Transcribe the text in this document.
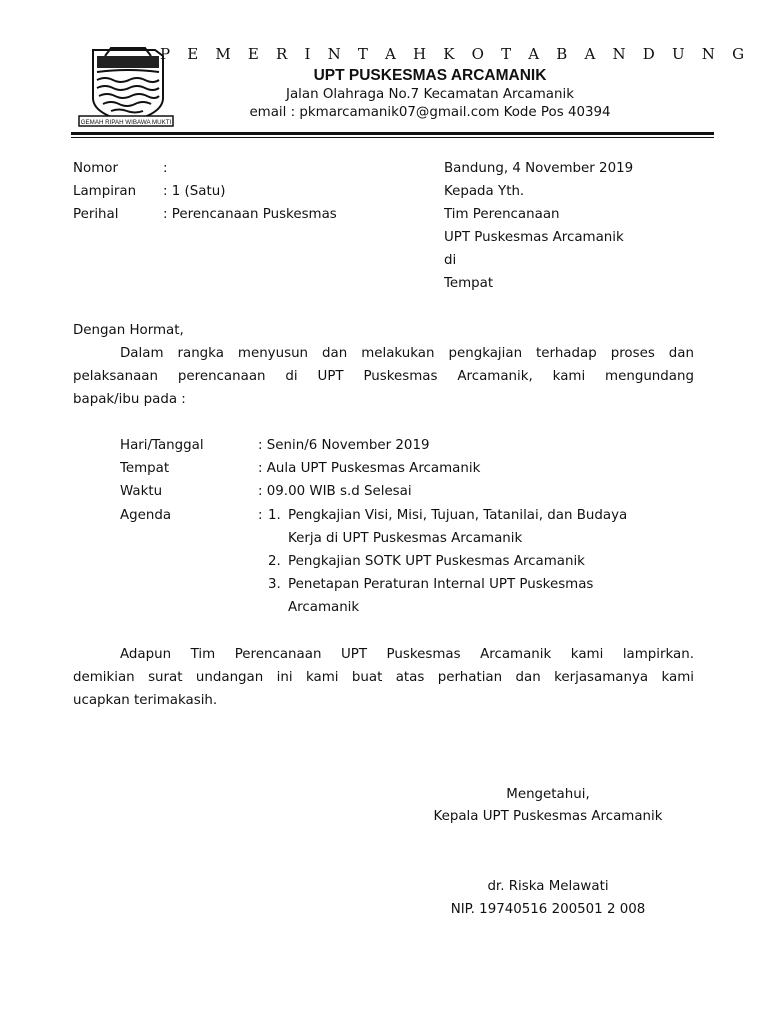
GEMAH RIPAH WIBAWA MUKTI
P E M E R I N T A H K O T A B A N D U N G
UPT PUSKESMAS ARCAMANIK
Jalan Olahraga No.7 Kecamatan Arcamanik
email : pkmarcamanik07@gmail.com Kode Pos 40394
Nomor	:
Lampiran : 1 (Satu)
Perihal	: Perencanaan Puskesmas
Bandung, 4 November 2019
Kepada Yth.
Tim Perencanaan
UPT Puskesmas Arcamanik
di
Tempat
Dengan Hormat,
Dalam rangka menyusun dan melakukan pengkajian terhadap proses dan
pelaksanaan perencanaan di UPT Puskesmas Arcamanik, kami mengundang
bapak/ibu pada :
Hari/Tanggal	: Senin/6 November 2019
Tempat	: Aula UPT Puskesmas Arcamanik
Waktu	: 09.00 WIB s.d Selesai
Agenda	: 1. Pengkajian Visi, Misi, Tujuan, Tatanilai, dan Budaya
Kerja di UPT Puskesmas Arcamanik
2. Pengkajian SOTK UPT Puskesmas Arcamanik
3. Penetapan Peraturan Internal UPT Puskesmas
Arcamanik
Adapun Tim Perencanaan UPT Puskesmas Arcamanik kami lampirkan.
demikian surat undangan ini kami buat atas perhatian dan kerjasamanya kami
ucapkan terimakasih.
Mengetahui,
Kepala UPT Puskesmas Arcamanik
dr. Riska Melawati
NIP. 19740516 200501 2 008
